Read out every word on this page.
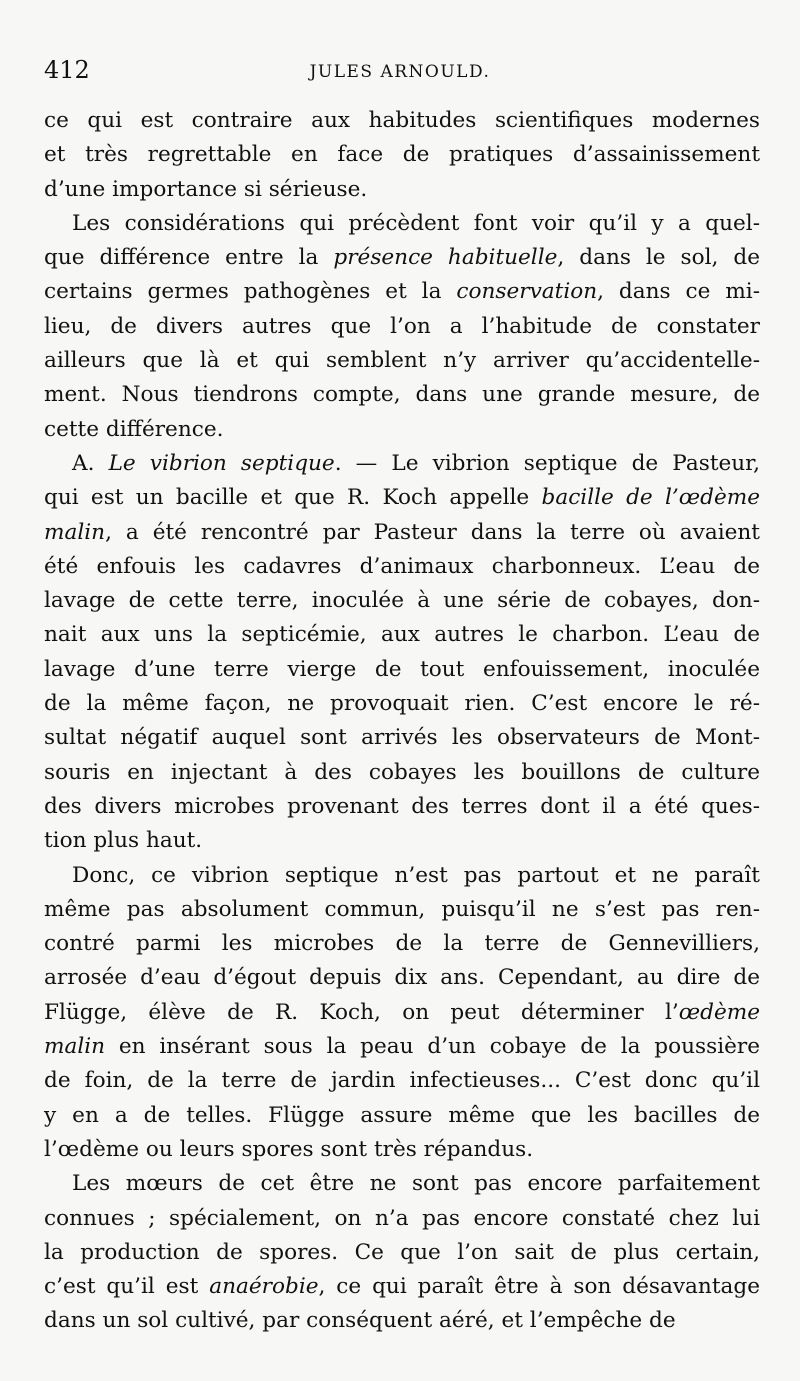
412	JULES ARNOULD.
ce qui est contraire aux habitudes scientifiques modernes
et très regrettable en face de pratiques d’assainissement
d’une importance si sérieuse.
Les considérations qui précèdent font voir qu’il y a quel-
que différence entre la présence habituelle, dans le sol, de
certains germes pathogènes et la conservation, dans ce mi-
lieu, de divers autres que l’on a l’habitude de constater
ailleurs que là et qui semblent n’y arriver qu’accidentelle-
ment. Nous tiendrons compte, dans une grande mesure, de
cette différence.
A. Le vibrion septique. — Le vibrion septique de Pasteur,
qui est un bacille et que R. Koch appelle bacille de l’œdème
malin, a été rencontré par Pasteur dans la terre où avaient
été enfouis les cadavres d’animaux charbonneux. L’eau de
lavage de cette terre, inoculée à une série de cobayes, don-
nait aux uns la septicémie, aux autres le charbon. L’eau de
lavage d’une terre vierge de tout enfouissement, inoculée
de la même façon, ne provoquait rien. C’est encore le ré-
sultat négatif auquel sont arrivés les observateurs de Mont-
souris en injectant à des cobayes les bouillons de culture
des divers microbes provenant des terres dont il a été ques-
tion plus haut.
Donc, ce vibrion septique n’est pas partout et ne paraît
même pas absolument commun, puisqu’il ne s’est pas ren-
contré parmi les microbes de la terre de Gennevilliers,
arrosée d’eau d’égout depuis dix ans. Cependant, au dire de
Flügge, élève de R. Koch, on peut déterminer l’œdème
malin en insérant sous la peau d’un cobaye de la poussière
de foin, de la terre de jardin infectieuses... C’est donc qu’il
y en a de telles. Flügge assure même que les bacilles de
l’œdème ou leurs spores sont très répandus.
Les mœurs de cet être ne sont pas encore parfaitement
connues ; spécialement, on n’a pas encore constaté chez lui
la production de spores. Ce que l’on sait de plus certain,
c’est qu’il est anaérobie, ce qui paraît être à son désavantage
dans un sol cultivé, par conséquent aéré, et l’empêche de
